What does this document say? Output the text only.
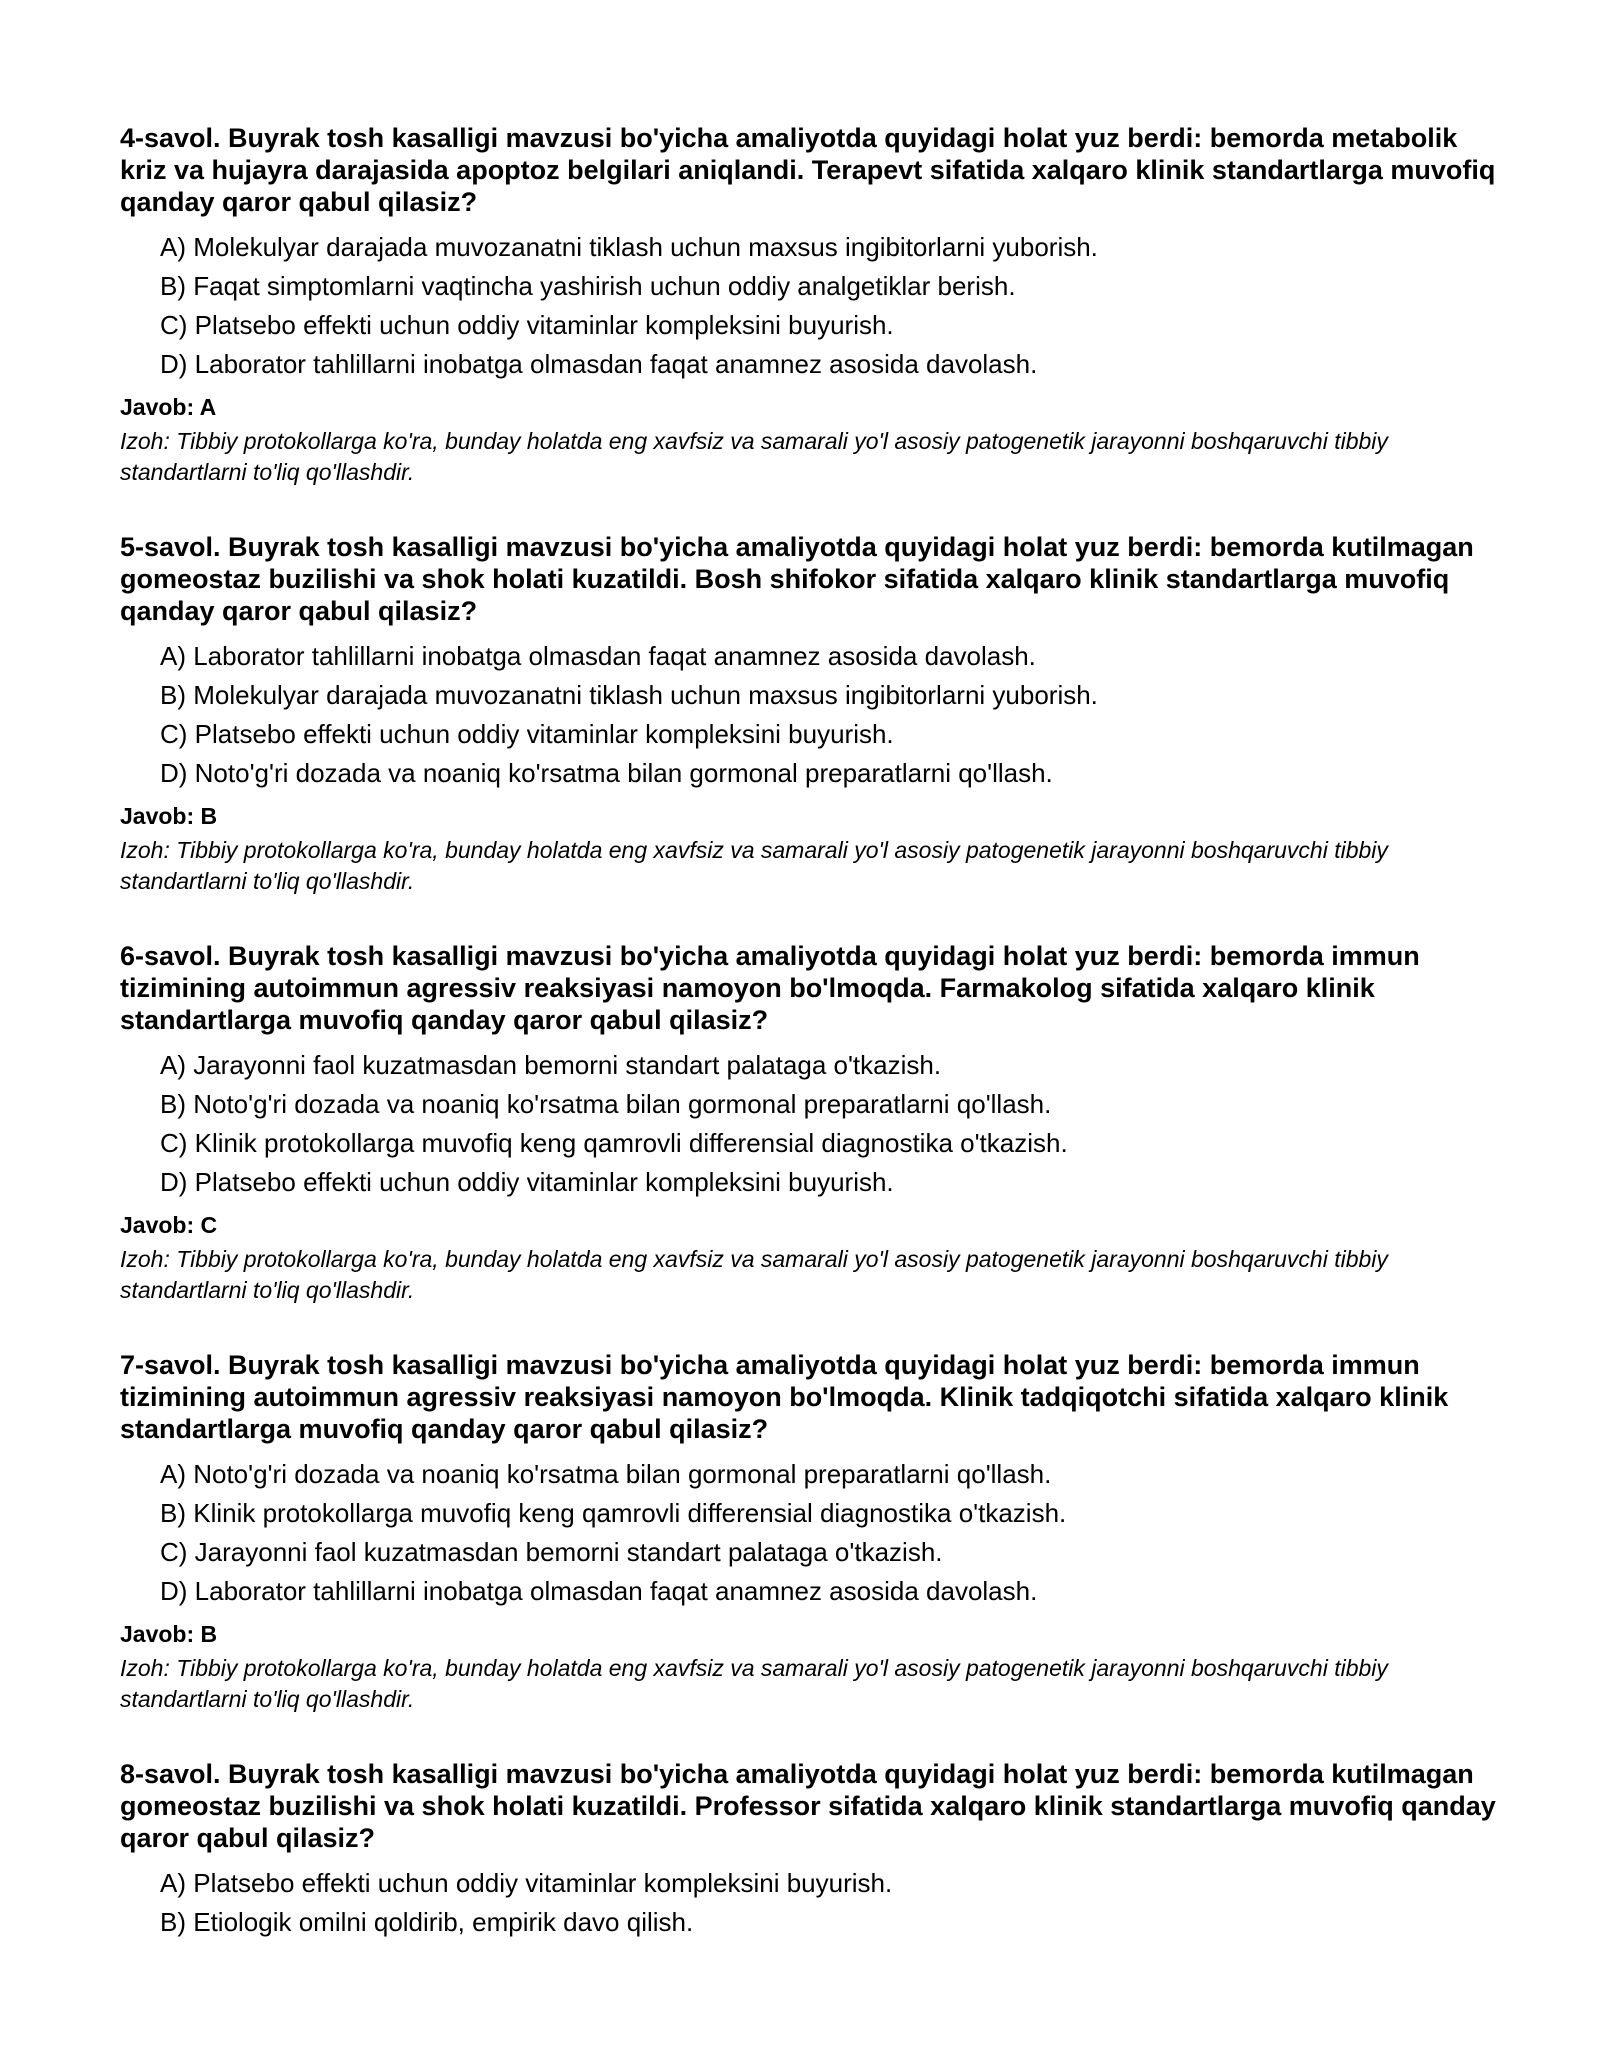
4-savol. Buyrak tosh kasalligi mavzusi bo'yicha amaliyotda quyidagi holat yuz berdi: bemorda metabolik kriz va hujayra darajasida apoptoz belgilari aniqlandi. Terapevt sifatida xalqaro klinik standartlarga muvofiq qanday qaror qabul qilasiz?

A) Molekulyar darajada muvozanatni tiklash uchun maxsus ingibitorlarni yuborish.
B) Faqat simptomlarni vaqtincha yashirish uchun oddiy analgetiklar berish.
C) Platsebo effekti uchun oddiy vitaminlar kompleksini buyurish.
D) Laborator tahlillarni inobatga olmasdan faqat anamnez asosida davolash.
Javob: A
Izoh: Tibbiy protokollarga ko'ra, bunday holatda eng xavfsiz va samarali yo'l asosiy patogenetik jarayonni boshqaruvchi tibbiy standartlarni to'liq qo'llashdir.

5-savol. Buyrak tosh kasalligi mavzusi bo'yicha amaliyotda quyidagi holat yuz berdi: bemorda kutilmagan gomeostaz buzilishi va shok holati kuzatildi. Bosh shifokor sifatida xalqaro klinik standartlarga muvofiq qanday qaror qabul qilasiz?

A) Laborator tahlillarni inobatga olmasdan faqat anamnez asosida davolash.
B) Molekulyar darajada muvozanatni tiklash uchun maxsus ingibitorlarni yuborish.
C) Platsebo effekti uchun oddiy vitaminlar kompleksini buyurish.
D) Noto'g'ri dozada va noaniq ko'rsatma bilan gormonal preparatlarni qo'llash.
Javob: B
Izoh: Tibbiy protokollarga ko'ra, bunday holatda eng xavfsiz va samarali yo'l asosiy patogenetik jarayonni boshqaruvchi tibbiy standartlarni to'liq qo'llashdir.

6-savol. Buyrak tosh kasalligi mavzusi bo'yicha amaliyotda quyidagi holat yuz berdi: bemorda immun tizimining autoimmun agressiv reaksiyasi namoyon bo'lmoqda. Farmakolog sifatida xalqaro klinik standartlarga muvofiq qanday qaror qabul qilasiz?

A) Jarayonni faol kuzatmasdan bemorni standart palataga o'tkazish.
B) Noto'g'ri dozada va noaniq ko'rsatma bilan gormonal preparatlarni qo'llash.
C) Klinik protokollarga muvofiq keng qamrovli differensial diagnostika o'tkazish.
D) Platsebo effekti uchun oddiy vitaminlar kompleksini buyurish.
Javob: C
Izoh: Tibbiy protokollarga ko'ra, bunday holatda eng xavfsiz va samarali yo'l asosiy patogenetik jarayonni boshqaruvchi tibbiy standartlarni to'liq qo'llashdir.

7-savol. Buyrak tosh kasalligi mavzusi bo'yicha amaliyotda quyidagi holat yuz berdi: bemorda immun tizimining autoimmun agressiv reaksiyasi namoyon bo'lmoqda. Klinik tadqiqotchi sifatida xalqaro klinik standartlarga muvofiq qanday qaror qabul qilasiz?

A) Noto'g'ri dozada va noaniq ko'rsatma bilan gormonal preparatlarni qo'llash.
B) Klinik protokollarga muvofiq keng qamrovli differensial diagnostika o'tkazish.
C) Jarayonni faol kuzatmasdan bemorni standart palataga o'tkazish.
D) Laborator tahlillarni inobatga olmasdan faqat anamnez asosida davolash.
Javob: B
Izoh: Tibbiy protokollarga ko'ra, bunday holatda eng xavfsiz va samarali yo'l asosiy patogenetik jarayonni boshqaruvchi tibbiy standartlarni to'liq qo'llashdir.

8-savol. Buyrak tosh kasalligi mavzusi bo'yicha amaliyotda quyidagi holat yuz berdi: bemorda kutilmagan gomeostaz buzilishi va shok holati kuzatildi. Professor sifatida xalqaro klinik standartlarga muvofiq qanday qaror qabul qilasiz?

A) Platsebo effekti uchun oddiy vitaminlar kompleksini buyurish.
B) Etiologik omilni qoldirib, empirik davo qilish.
